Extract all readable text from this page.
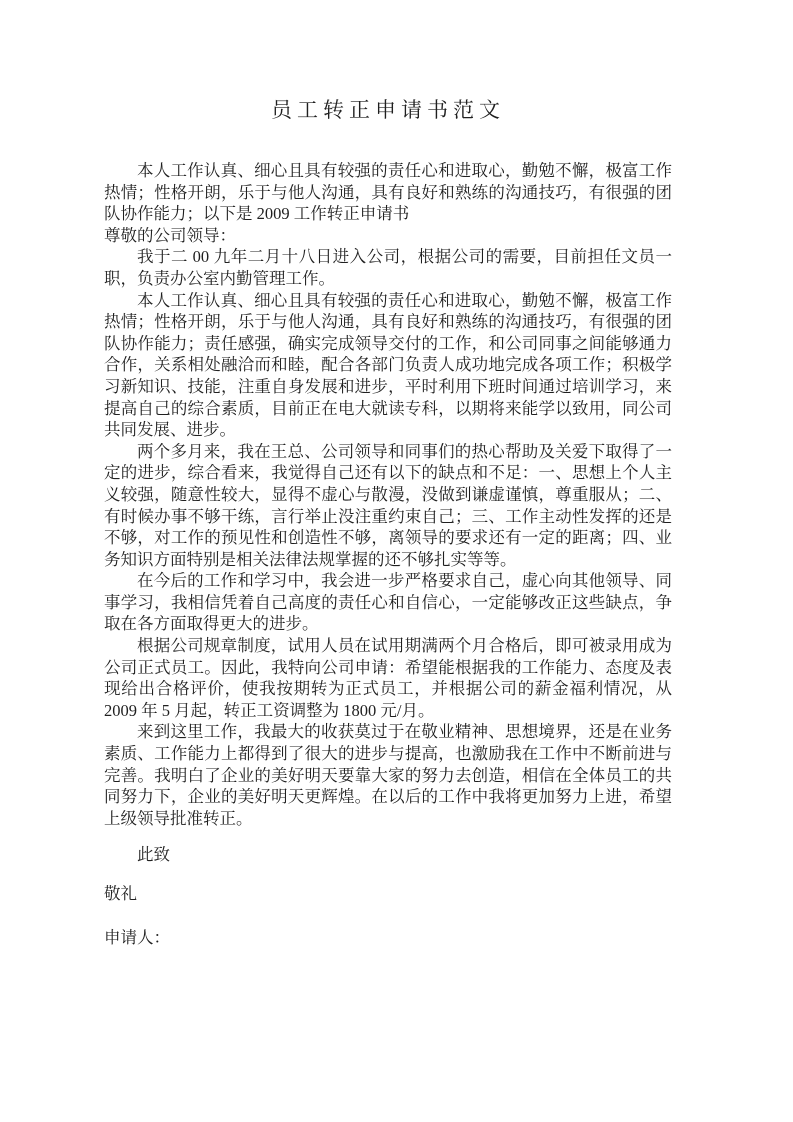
员工转正申请书范文

本人工作认真、细心且具有较强的责任心和进取心，勤勉不懈，极富工作热情；性格开朗，乐于与他人沟通，具有良好和熟练的沟通技巧，有很强的团队协作能力；以下是 2009 工作转正申请书

尊敬的公司领导：

我于二 00 九年二月十八日进入公司，根据公司的需要，目前担任文员一职，负责办公室内勤管理工作。

本人工作认真、细心且具有较强的责任心和进取心，勤勉不懈，极富工作热情；性格开朗，乐于与他人沟通，具有良好和熟练的沟通技巧，有很强的团队协作能力；责任感强，确实完成领导交付的工作，和公司同事之间能够通力合作，关系相处融洽而和睦，配合各部门负责人成功地完成各项工作；积极学习新知识、技能，注重自身发展和进步，平时利用下班时间通过培训学习，来提高自己的综合素质，目前正在电大就读专科，以期将来能学以致用，同公司共同发展、进步。

两个多月来，我在王总、公司领导和同事们的热心帮助及关爱下取得了一定的进步，综合看来，我觉得自己还有以下的缺点和不足：一、思想上个人主义较强，随意性较大，显得不虚心与散漫，没做到谦虚谨慎，尊重服从；二、有时候办事不够干练，言行举止没注重约束自己；三、工作主动性发挥的还是不够，对工作的预见性和创造性不够，离领导的要求还有一定的距离；四、业务知识方面特别是相关法律法规掌握的还不够扎实等等。

在今后的工作和学习中，我会进一步严格要求自己，虚心向其他领导、同事学习，我相信凭着自己高度的责任心和自信心，一定能够改正这些缺点，争取在各方面取得更大的进步。

根据公司规章制度，试用人员在试用期满两个月合格后，即可被录用成为公司正式员工。因此，我特向公司申请：希望能根据我的工作能力、态度及表现给出合格评价，使我按期转为正式员工，并根据公司的薪金福利情况，从 2009 年 5 月起，转正工资调整为 1800 元/月。

来到这里工作，我最大的收获莫过于在敬业精神、思想境界，还是在业务素质、工作能力上都得到了很大的进步与提高，也激励我在工作中不断前进与完善。我明白了企业的美好明天要靠大家的努力去创造，相信在全体员工的共同努力下，企业的美好明天更辉煌。在以后的工作中我将更加努力上进，希望上级领导批准转正。

此致

敬礼

申请人：
